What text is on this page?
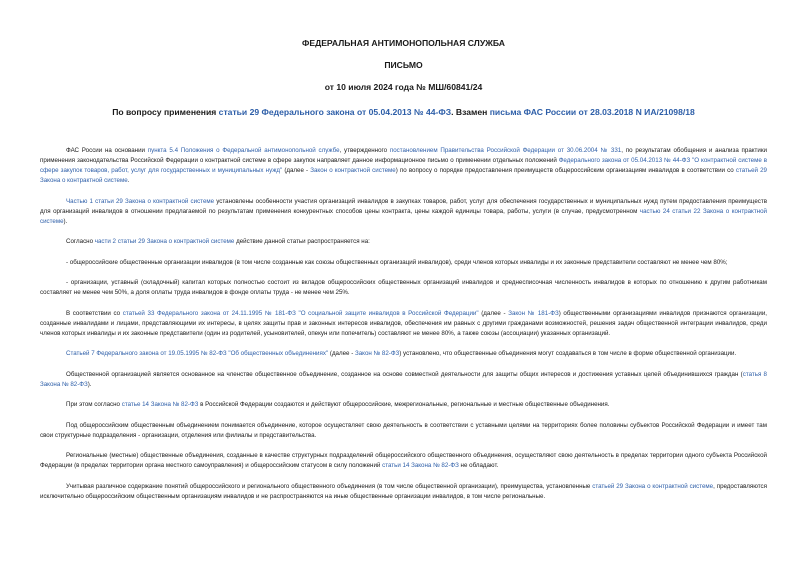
ФЕДЕРАЛЬНАЯ АНТИМОНОПОЛЬНАЯ СЛУЖБА
ПИСЬМО
от 10 июля 2024 года № МШ/60841/24
По вопросу применения статьи 29 Федерального закона от 05.04.2013 № 44-ФЗ. Взамен письма ФАС России от 28.03.2018 N ИА/21098/18

ФАС России на основании пункта 5.4 Положения о Федеральной антимонопольной службе, утвержденного постановлением Правительства Российской Федерации от 30.06.2004 № 331, по результатам обобщения и анализа практики применения законодательства Российской Федерации о контрактной системе в сфере закупок направляет данное информационное письмо о применении отдельных положений Федерального закона от 05.04.2013 № 44-ФЗ "О контрактной системе в сфере закупок товаров, работ, услуг для государственных и муниципальных нужд" (далее - Закон о контрактной системе) по вопросу о порядке предоставления преимуществ общероссийским организациям инвалидов в соответствии со статьей 29 Закона о контрактной системе.

Частью 1 статьи 29 Закона о контрактной системе установлены особенности участия организаций инвалидов в закупках товаров, работ, услуг для обеспечения государственных и муниципальных нужд путем предоставления преимуществ для организаций инвалидов в отношении предлагаемой по результатам применения конкурентных способов цены контракта, цены каждой единицы товара, работы, услуги (в случае, предусмотренном частью 24 статьи 22 Закона о контрактной системе).

Согласно части 2 статьи 29 Закона о контрактной системе действие данной статьи распространяется на:

- общероссийские общественные организации инвалидов (в том числе созданные как союзы общественных организаций инвалидов), среди членов которых инвалиды и их законные представители составляют не менее чем 80%;

- организации, уставный (складочный) капитал которых полностью состоит из вкладов общероссийских общественных организаций инвалидов и среднесписочная численность инвалидов в которых по отношению к другим работникам составляет не менее чем 50%, а доля оплаты труда инвалидов в фонде оплаты труда - не менее чем 25%.

В соответствии со статьей 33 Федерального закона от 24.11.1995 № 181-ФЗ "О социальной защите инвалидов в Российской Федерации" (далее - Закон № 181-ФЗ) общественными организациями инвалидов признаются организации, созданные инвалидами и лицами, представляющими их интересы, в целях защиты прав и законных интересов инвалидов, обеспечения им равных с другими гражданами возможностей, решения задач общественной интеграции инвалидов, среди членов которых инвалиды и их законные представители (один из родителей, усыновителей, опекун или попечитель) составляют не менее 80%, а также союзы (ассоциации) указанных организаций.

Статьей 7 Федерального закона от 19.05.1995 № 82-ФЗ "Об общественных объединениях" (далее - Закон № 82-ФЗ) установлено, что общественные объединения могут создаваться в том числе в форме общественной организации.

Общественной организацией является основанное на членстве общественное объединение, созданное на основе совместной деятельности для защиты общих интересов и достижения уставных целей объединившихся граждан (статья 8 Закона № 82-ФЗ).

При этом согласно статье 14 Закона № 82-ФЗ в Российской Федерации создаются и действуют общероссийские, межрегиональные, региональные и местные общественные объединения.

Под общероссийским общественным объединением понимается объединение, которое осуществляет свою деятельность в соответствии с уставными целями на территориях более половины субъектов Российской Федерации и имеет там свои структурные подразделения - организации, отделения или филиалы и представительства.

Региональные (местные) общественные объединения, созданные в качестве структурных подразделений общероссийского общественного объединения, осуществляют свою деятельность в пределах территории одного субъекта Российской Федерации (в пределах территории органа местного самоуправления) и общероссийским статусом в силу положений статьи 14 Закона № 82-ФЗ не обладают.

Учитывая различное содержание понятий общероссийского и регионального общественного объединения (в том числе общественной организации), преимущества, установленные статьей 29 Закона о контрактной системе, предоставляются исключительно общероссийским общественным организациям инвалидов и не распространяются на иные общественные организации инвалидов, в том числе региональные.
